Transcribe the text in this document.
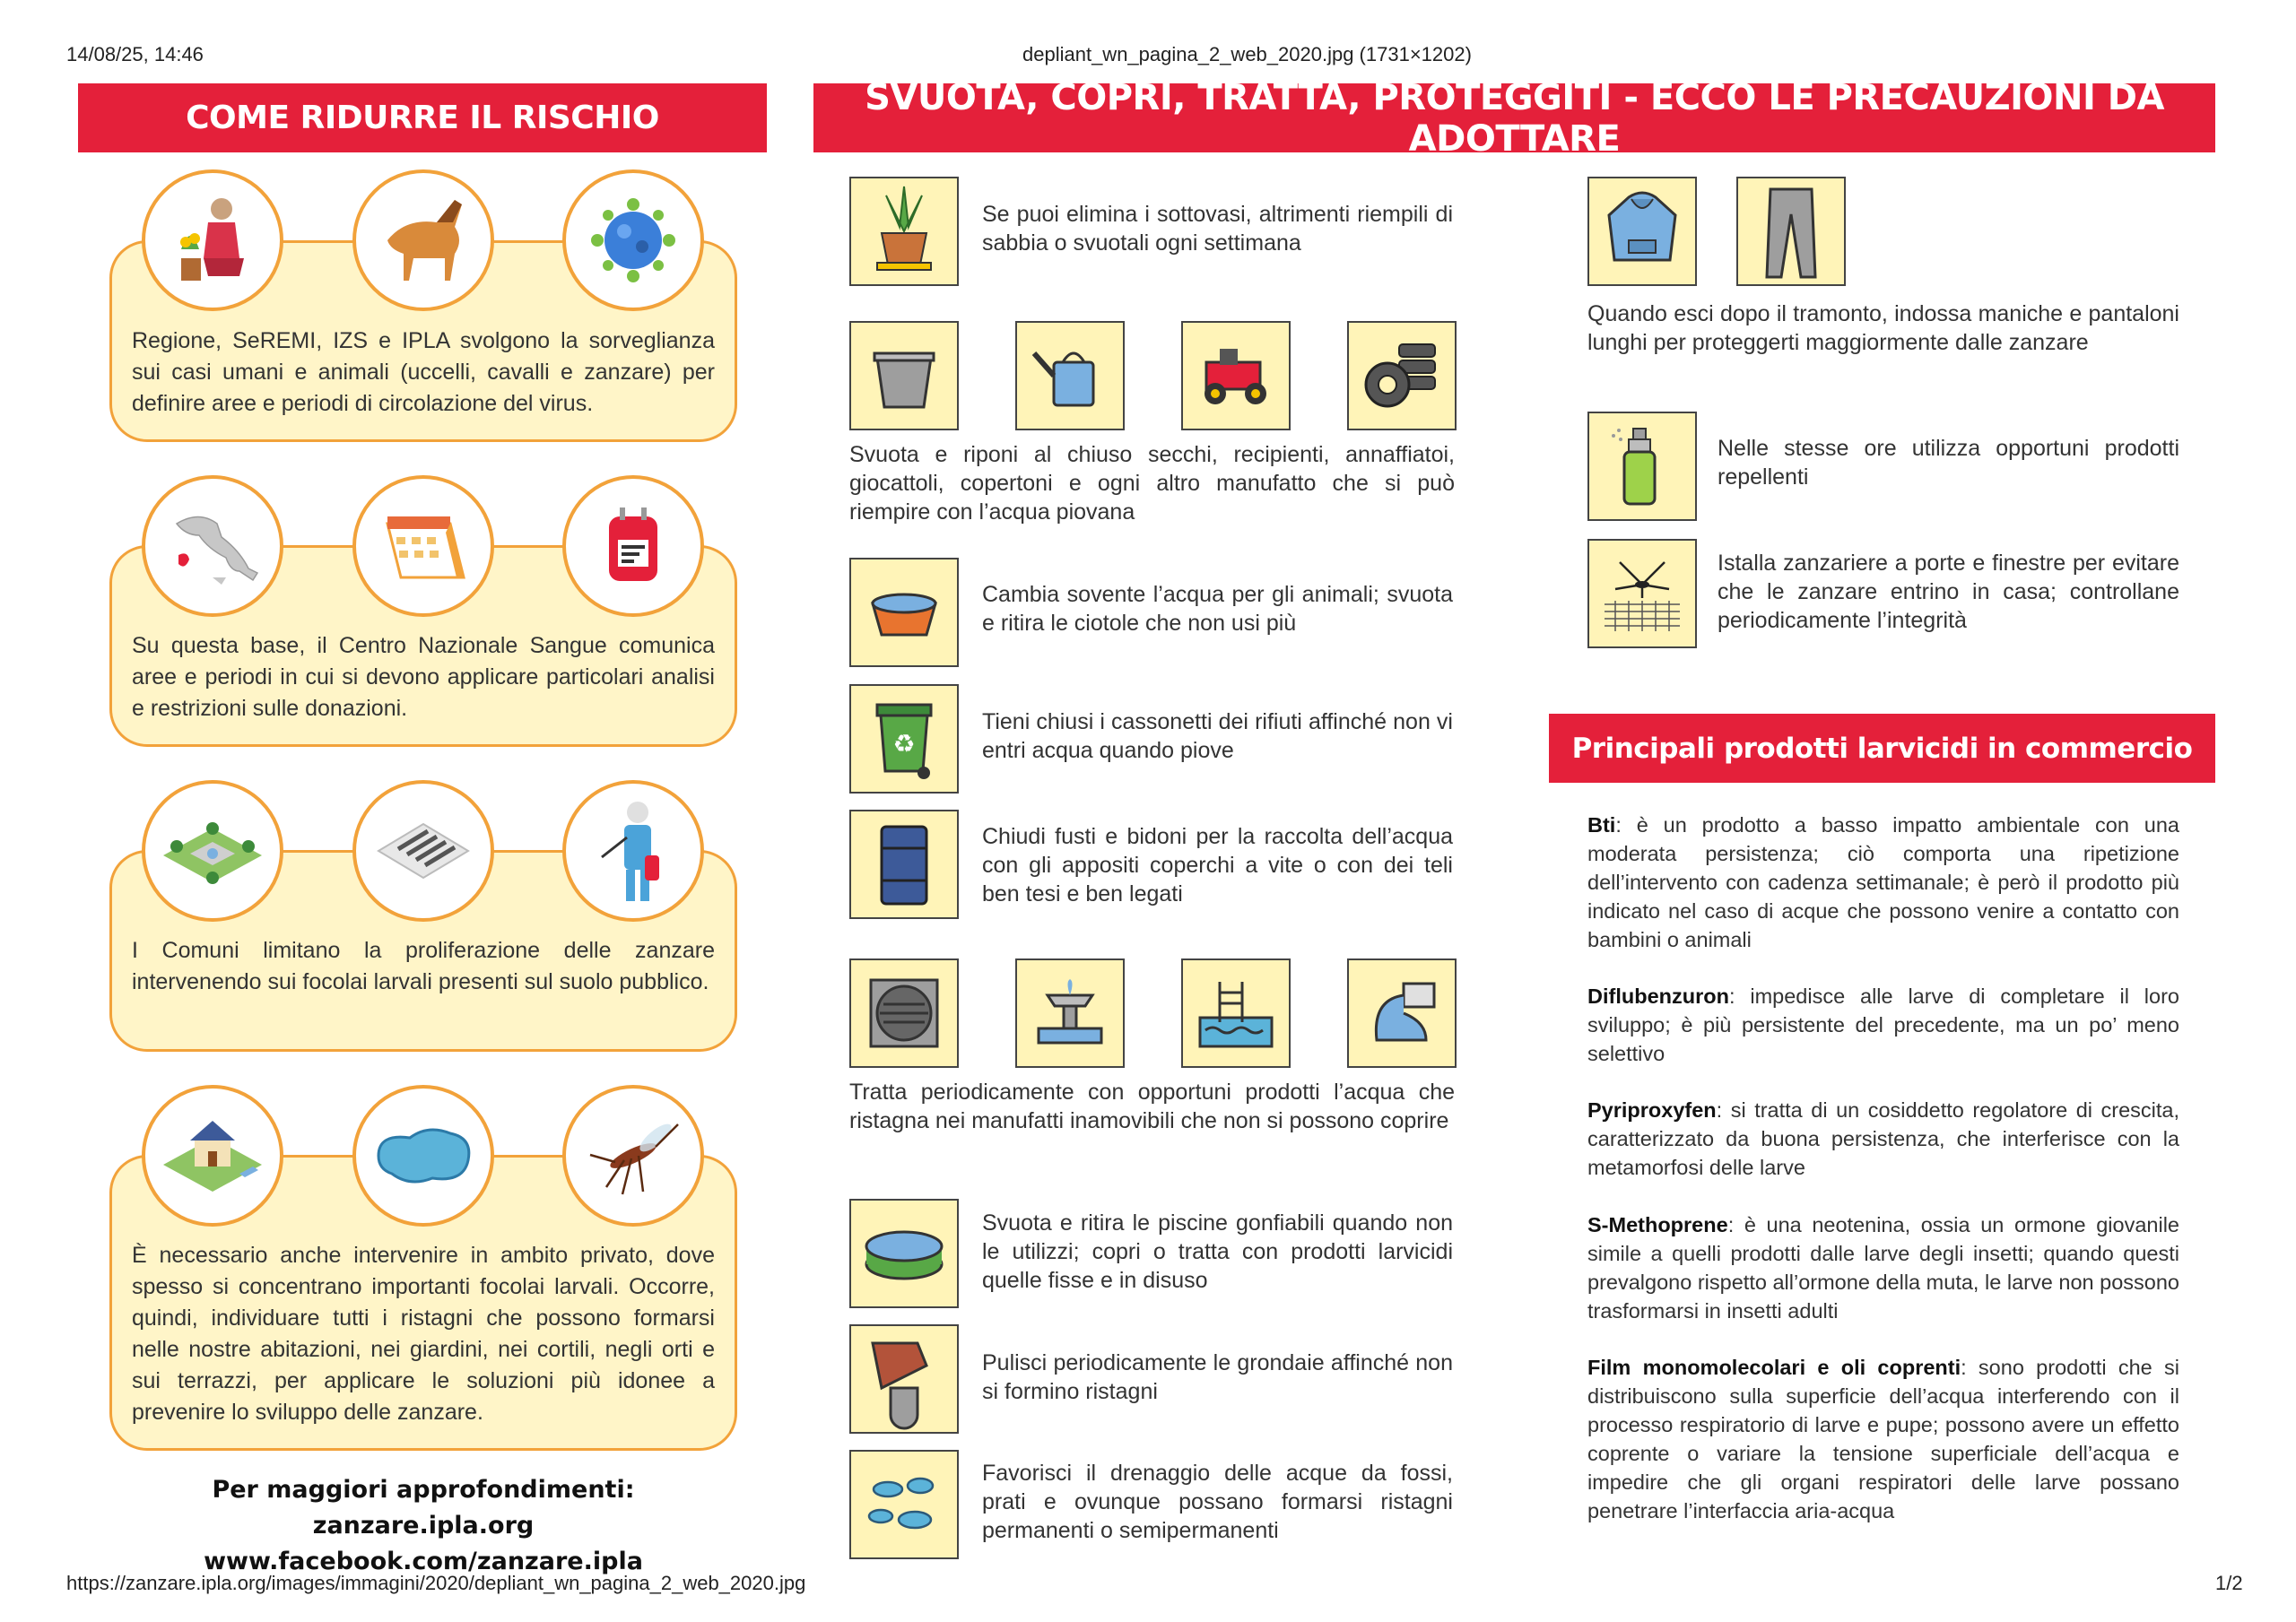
14/08/25, 14:46	depliant_wn_pagina_2_web_2020.jpg (1731×1202)
https://zanzare.ipla.org/images/immagini/2020/depliant_wn_pagina_2_web_2020.jpg	1/2
COME RIDURRE IL RISCHIO
Regione, SeREMI, IZS e IPLA svolgono la sorveglianza sui casi umani e animali (uccelli, cavalli e zanzare) per definire aree e periodi di circolazione del virus.
Su questa base, il Centro Nazionale Sangue comunica aree e periodi in cui si devono applicare particolari analisi e restrizioni sulle donazioni.
I Comuni limitano la proliferazione delle zanzare intervenendo sui focolai larvali presenti sul suolo pubblico.
È necessario anche intervenire in ambito privato, dove spesso si concentrano importanti focolai larvali. Occorre, quindi, individuare tutti i ristagni che possono formarsi nelle nostre abitazioni, nei giardini, nei cortili, negli orti e sui terrazzi, per applicare le soluzioni più idonee a prevenire lo sviluppo delle zanzare.
Per maggiori approfondimenti:
zanzare.ipla.org
www.facebook.com/zanzare.ipla
SVUOTA, COPRI, TRATTA, PROTEGGITI - ECCO LE PRECAUZIONI DA ADOTTARE
Se puoi elimina i sottovasi, altrimenti riempili di sabbia o svuotali ogni settimana
Svuota e riponi al chiuso secchi, recipienti, annaffiatoi, giocattoli, copertoni e ogni altro manufatto che si può riempire con l’acqua piovana
Cambia sovente l’acqua per gli animali; svuota e ritira le ciotole che non usi più
♻
Tieni chiusi i cassonetti dei rifiuti affinché non vi entri acqua quando piove
Chiudi fusti e bidoni per la raccolta dell’acqua con gli appositi coperchi a vite o con dei teli ben tesi e ben legati
Tratta periodicamente con opportuni prodotti l’acqua che ristagna nei manufatti inamovibili che non si possono coprire
Svuota e ritira le piscine gonfiabili quando non le utilizzi; copri o tratta con prodotti larvicidi quelle fisse e in disuso
Pulisci periodicamente le grondaie affinché non si formino ristagni
Favorisci il drenaggio delle acque da fossi, prati e ovunque possano formarsi ristagni permanenti o semipermanenti
Quando esci dopo il tramonto, indossa maniche e pantaloni lunghi per proteggerti maggiormente dalle zanzare
Nelle stesse ore utilizza opportuni prodotti repellenti
Istalla zanzariere a porte e finestre per evitare che le zanzare entrino in casa; controllane periodicamente l’integrità
Principali prodotti larvicidi in commercio
Bti: è un prodotto a basso impatto ambientale con una moderata persistenza; ciò comporta una ripetizione dell’intervento con cadenza settimanale; è però il prodotto più indicato nel caso di acque che possono venire a contatto con bambini o animali
Diflubenzuron: impedisce alle larve di completare il loro sviluppo; è più persistente del precedente, ma un po’ meno selettivo
Pyriproxyfen: si tratta di un cosiddetto regolatore di crescita, caratterizzato da buona persistenza, che interferisce con la metamorfosi delle larve
S-Methoprene: è una neotenina, ossia un ormone giovanile simile a quelli prodotti dalle larve degli insetti; quando questi prevalgono rispetto all’ormone della muta, le larve non possono trasformarsi in insetti adulti
Film monomolecolari e oli coprenti: sono prodotti che si distribuiscono sulla superficie dell’acqua interferendo con il processo respiratorio di larve e pupe; possono avere un effetto coprente o variare la tensione superficiale dell’acqua e impedire che gli organi respiratori delle larve possano penetrare l’interfaccia aria-acqua
